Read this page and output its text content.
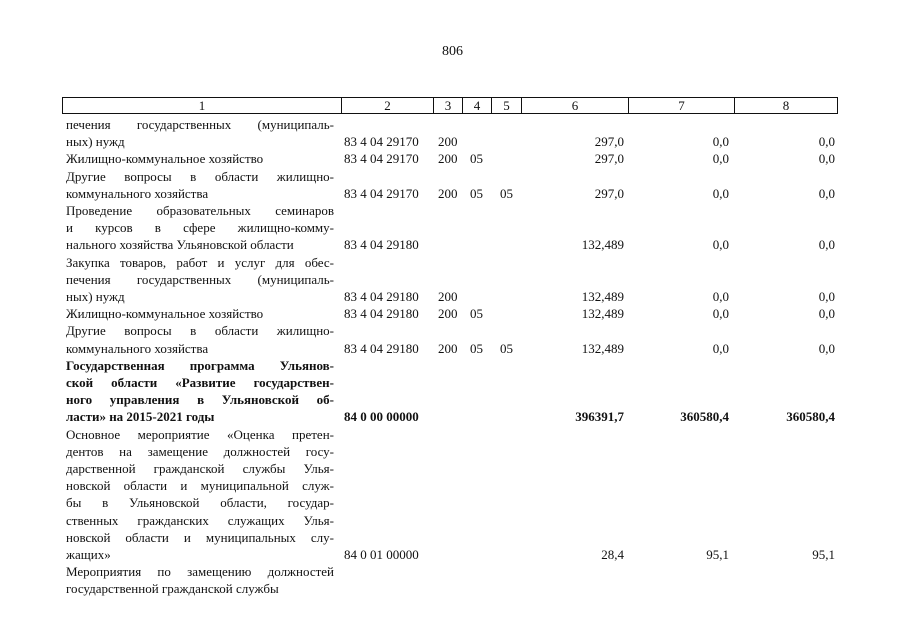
806
1	2	3	4	5	6	7	8
печения государственных (муниципаль-
ных) нужд	83 4 04 29170 200	297,0	0,0	0,0
Жилищно-коммунальное хозяйство	83 4 04 29170 200 05	297,0	0,0	0,0
Другие вопросы в области жилищно-
коммунального хозяйства	83 4 04 29170 200 05 05	297,0	0,0	0,0
Проведение образовательных семинаров
и курсов в сфере жилищно-комму-
нального хозяйства Ульяновской области	83 4 04 29180	132,489	0,0	0,0
Закупка товаров, работ и услуг для обес-
печения государственных (муниципаль-
ных) нужд	83 4 04 29180 200	132,489	0,0	0,0
Жилищно-коммунальное хозяйство	83 4 04 29180 200 05	132,489	0,0	0,0
Другие вопросы в области жилищно-
коммунального хозяйства	83 4 04 29180 200 05 05	132,489	0,0	0,0
Государственная программа Ульянов-
ской области «Развитие государствен-
ного управления в Ульяновской об-
ласти» на 2015-2021 годы	84 0 00 00000	396391,7	360580,4	360580,4
Основное мероприятие «Оценка претен-
дентов на замещение должностей госу-
дарственной гражданской службы Улья-
новской области и муниципальной служ-
бы в Ульяновской области, государ-
ственных гражданских служащих Улья-
новской области и муниципальных слу-
жащих»	84 0 01 00000	28,4	95,1	95,1
Мероприятия по замещению должностей
государственной гражданской службы
